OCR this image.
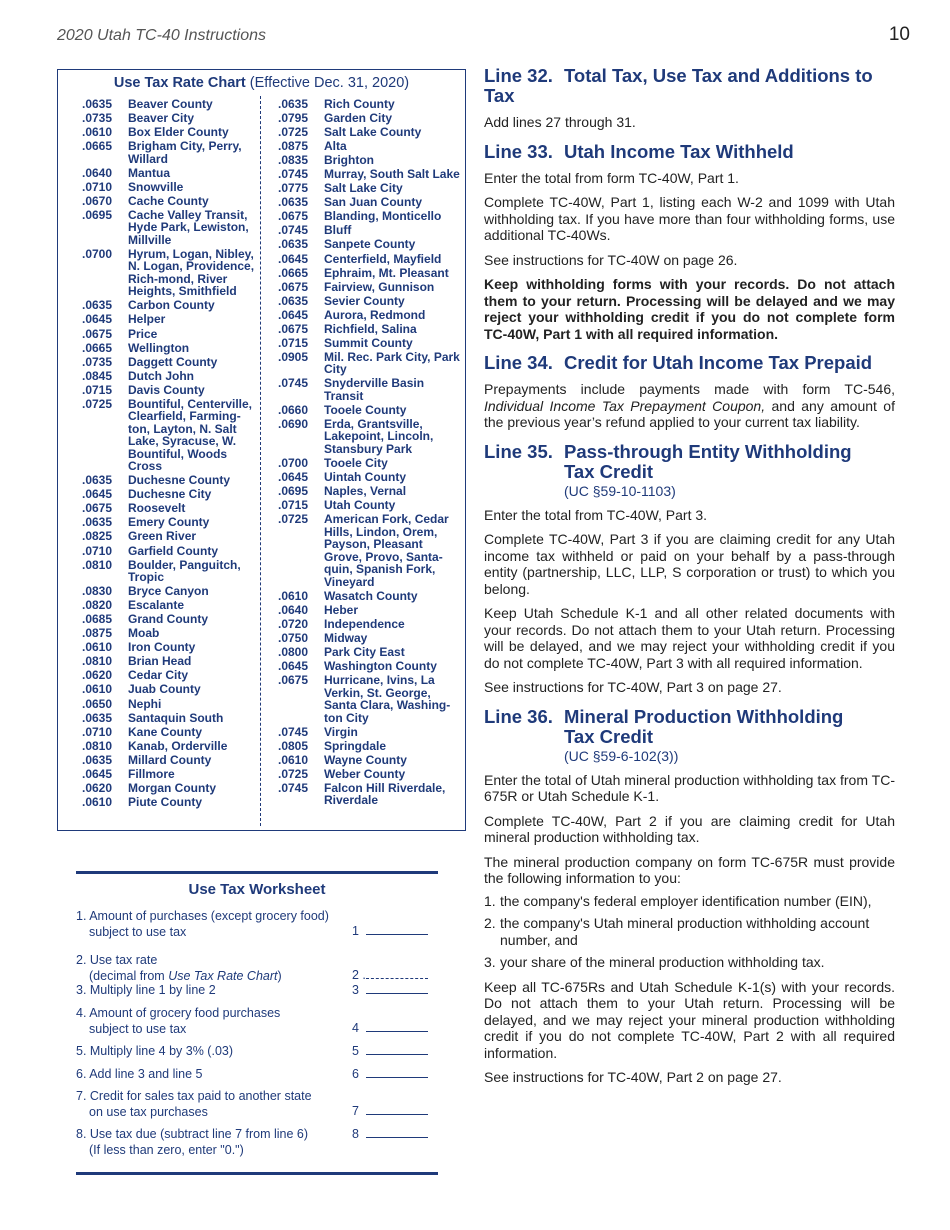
2020 Utah TC-40 Instructions	10
Use Tax Rate Chart (Effective Dec. 31, 2020)
.0635	Beaver County
.0735	Beaver City
.0610	Box Elder County
.0665	Brigham City, Perry, Willard
.0640	Mantua
.0710	Snowville
.0670	Cache County
.0695	Cache Valley Transit, Hyde Park, Lewiston, Millville
.0700	Hyrum, Logan, Nibley, N. Logan, Providence, Rich-mond, River Heights, Smithfield
.0635	Carbon County
.0645	Helper
.0675	Price
.0665	Wellington
.0735	Daggett County
.0845	Dutch John
.0715	Davis County
.0725	Bountiful, Centerville, Clearfield, Farming-ton, Layton, N. Salt Lake, Syracuse, W. Bountiful, Woods Cross
.0635	Duchesne County
.0645	Duchesne City
.0675	Roosevelt
.0635	Emery County
.0825	Green River
.0710	Garfield County
.0810	Boulder, Panguitch, Tropic
.0830	Bryce Canyon
.0820	Escalante
.0685	Grand County
.0875	Moab
.0610	Iron County
.0810	Brian Head
.0620	Cedar City
.0610	Juab County
.0650	Nephi
.0635	Santaquin South
.0710	Kane County
.0810	Kanab, Orderville
.0635	Millard County
.0645	Fillmore
.0620	Morgan County
.0610	Piute County
.0635	Rich County
.0795	Garden City
.0725	Salt Lake County
.0875	Alta
.0835	Brighton
.0745	Murray, South Salt Lake
.0775	Salt Lake City
.0635	San Juan County
.0675	Blanding, Monticello
.0745	Bluff
.0635	Sanpete County
.0645	Centerfield, Mayfield
.0665	Ephraim, Mt. Pleasant
.0675	Fairview, Gunnison
.0635	Sevier County
.0645	Aurora, Redmond
.0675	Richfield, Salina
.0715	Summit County
.0905	Mil. Rec. Park City, Park City
.0745	Snyderville Basin Transit
.0660	Tooele County
.0690	Erda, Grantsville, Lakepoint, Lincoln, Stansbury Park
.0700	Tooele City
.0645	Uintah County
.0695	Naples, Vernal
.0715	Utah County
.0725	American Fork, Cedar Hills, Lindon, Orem, Payson, Pleasant Grove, Provo, Santa-quin, Spanish Fork, Vineyard
.0610	Wasatch County
.0640	Heber
.0720	Independence
.0750	Midway
.0800	Park City East
.0645	Washington County
.0675	Hurricane, Ivins, La Verkin, St. George, Santa Clara, Washing-ton City
.0745	Virgin
.0805	Springdale
.0610	Wayne County
.0725	Weber County
.0745	Falcon Hill Riverdale, Riverdale
Use Tax Worksheet
1. Amount of purchases (except grocery food)
subject to use tax	1
2. Use tax rate
(decimal from Use Tax Rate Chart)	2 .
3. Multiply line 1 by line 2	3
4. Amount of grocery food purchases
subject to use tax	4
5. Multiply line 4 by 3% (.03)	5
6. Add line 3 and line 5	6
7. Credit for sales tax paid to another state
on use tax purchases	7
8. Use tax due (subtract line 7 from line 6)
(If less than zero, enter "0.")
8
Line 32. Total Tax, Use Tax and Additions to Tax

Add lines 27 through 31.

Line 33. Utah Income Tax Withheld

Enter the total from form TC-40W, Part 1.

Complete TC-40W, Part 1, listing each W-2 and 1099 with Utah withholding tax. If you have more than four withholding forms, use additional TC-40Ws.

See instructions for TC-40W on page 26.

Keep withholding forms with your records. Do not attach them to your return. Processing will be delayed and we may reject your withholding credit if you do not complete form TC-40W, Part 1 with all required information.

Line 34. Credit for Utah Income Tax Prepaid

Prepayments include payments made with form TC-546, Individual Income Tax Prepayment Coupon, and any amount of the previous year’s refund applied to your current tax liability.

Line 35. Pass-through Entity Withholding
Tax Credit
(UC §59-10-1103)

Enter the total from TC-40W, Part 3.

Complete TC-40W, Part 3 if you are claiming credit for any Utah income tax withheld or paid on your behalf by a pass-through entity (partnership, LLC, LLP, S corporation or trust) to which you belong.

Keep Utah Schedule K-1 and all other related documents with your records. Do not attach them to your Utah return. Processing will be delayed, and we may reject your withholding credit if you do not complete TC-40W, Part 3 with all required information.

See instructions for TC-40W, Part 3 on page 27.

Line 36. Mineral Production Withholding
Tax Credit
(UC §59-6-102(3))

Enter the total of Utah mineral production withholding tax from TC-675R or Utah Schedule K-1.

Complete TC-40W, Part 2 if you are claiming credit for Utah mineral production withholding tax.

The mineral production company on form TC-675R must provide the following information to you:

1. the company's federal employer identification number (EIN),
2. the company's Utah mineral production withholding account number, and
3. your share of the mineral production withholding tax.

Keep all TC-675Rs and Utah Schedule K-1(s) with your records. Do not attach them to your Utah return. Processing will be delayed, and we may reject your mineral production withholding credit if you do not complete TC-40W, Part 2 with all required information.

See instructions for TC-40W, Part 2 on page 27.
